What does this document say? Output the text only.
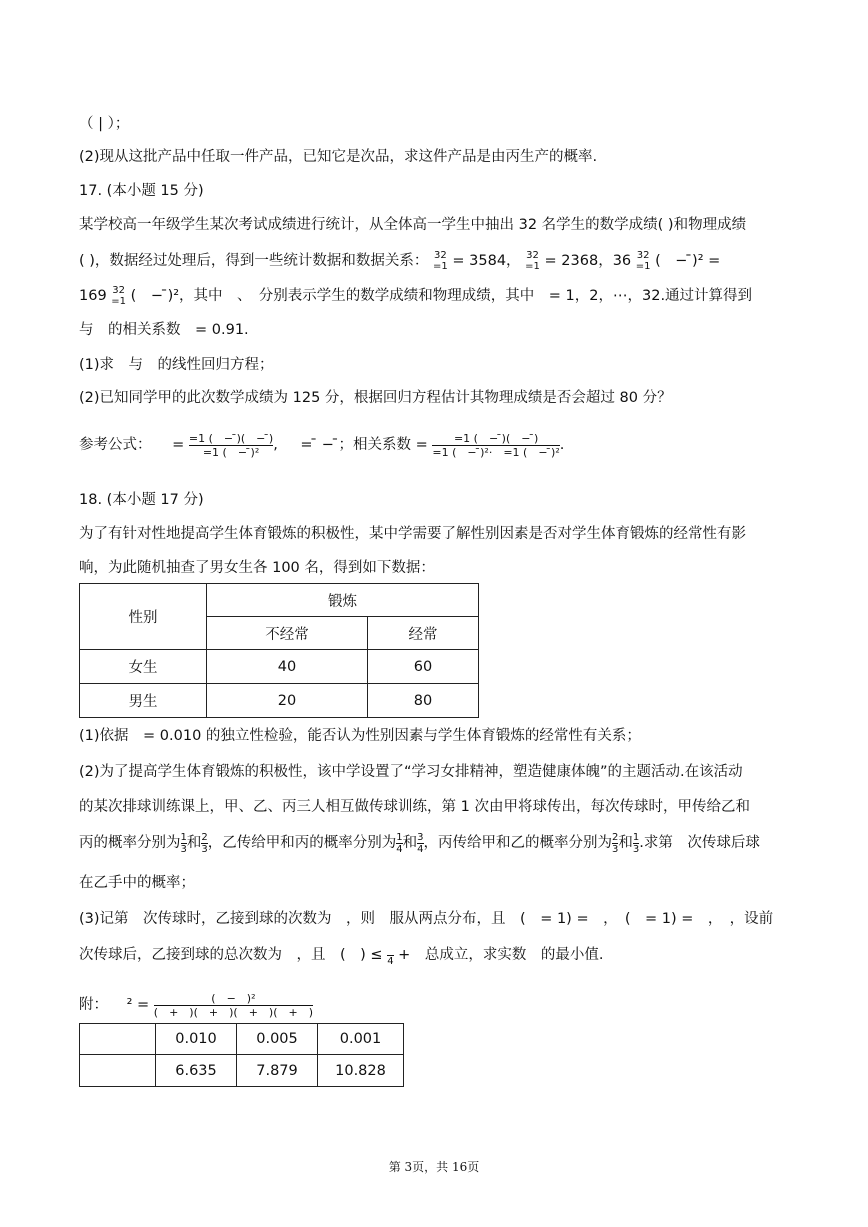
（ | ）；
(2)现从这批产品中任取一件产品，已知它是次品，求这件产品是由丙生产的概率.
17. (本小题 15 分)
某学校高一年级学生某次考试成绩进行统计，从全体高一学生中抽出 32 名学生的数学成绩( )和物理成绩
( )，数据经过处理后，得到一些统计数据和数据关系： 32
=1 = 3584， 32
=1 = 2368，36 32
=1 (　− ̄)² =
169 32
=1 (　− ̄)²，其中　、　分别表示学生的数学成绩和物理成绩，其中　= 1，2，⋯，32.通过计算得到
与　的相关系数　= 0.91.
(1)求　与　的线性回归方程；
(2)已知同学甲的此次数学成绩为 125 分，根据回归方程估计其物理成绩是否会超过 80 分？
参考公式： = $\frac{=1 ( - ̄)( - ̄)}{\text{=1 (　− ̄)²}}$ , = ̄ − ̄；相关系数 = $\frac{=1 ( - ̄)( - ̄)}{\text{=1 (　− ̄)²·　=1 (　− ̄)²}}$ .
18. (本小题 17 分)
为了有针对性地提高学生体育锻炼的积极性，某中学需要了解性别因素是否对学生体育锻炼的经常性有影
响，为此随机抽查了男女生各 100 名，得到如下数据：
性别	锻炼	
	不经常	经常
女生	40	60
男生	20	80
(1)依据　= 0.010 的独立性检验，能否认为性别因素与学生体育锻炼的经常性有关系；
(2)为了提高学生体育锻炼的积极性，该中学设置了“学习女排精神，塑造健康体魄”的主题活动.在该活动
的某次排球训练课上，甲、乙、丙三人相互做传球训练，第 1 次由甲将球传出，每次传球时，甲传给乙和
丙的概率分别为 $\frac{1}{3}$ 和 $\frac{2}{3}$ ，乙传给甲和丙的概率分别为 $\frac{1}{4}$ 和 $\frac{3}{4}$ ，丙传给甲和乙的概率分别为 $\frac{2}{3}$ 和 $\frac{1}{3}$ .求第　次传球后球
在乙手中的概率；
(3)记第　次传球时，乙接到球的次数为　，则　服从两点分布，且　(　= 1) =　，　(　= 1) =　，　，设前
次传球后，乙接到球的总次数为　，且　(　) ≤
4 +　总成立，求实数　的最小值.
附： $^2 = \frac{\text{(　−　)²}}{( + )( + )( + )( + )}$
	0.010	0.005	0.001
	6.635	7.879	10.828
第 3页，共 16页
